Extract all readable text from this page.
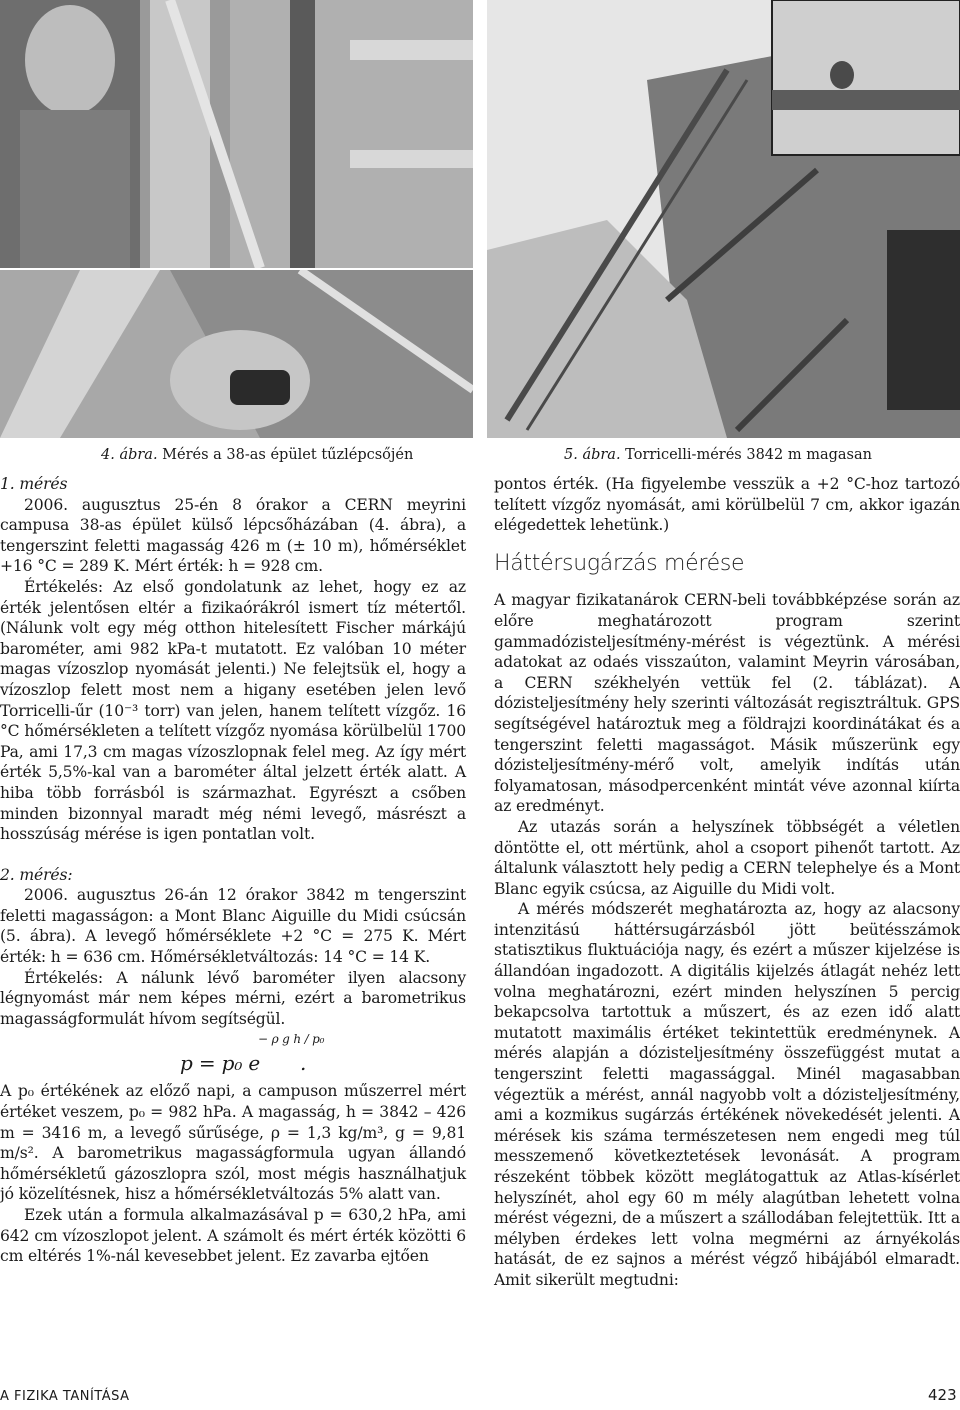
4. ábra. Mérés a 38-as épület tűzlépcsőjén	5. ábra. Torricelli-mérés 3842 m magasan

1. mérés

2006. augusztus 25-én 8 órakor a CERN meyrini campusa 38-as épület külső lépcsőházában (4. ábra), a tengerszint feletti magasság 426 m (± 10 m), hőmérséklet +16 °C = 289 K. Mért érték: h = 928 cm.

Értékelés: Az első gondolatunk az lehet, hogy ez az érték jelentősen eltér a fizikaórákról ismert tíz métertől. (Nálunk volt egy még otthon hitelesített Fischer márkájú barométer, ami 982 kPa-t mutatott. Ez valóban 10 méter magas vízoszlop nyomását jelenti.) Ne felejtsük el, hogy a vízoszlop felett most nem a higany esetében jelen levő Torricelli-űr (10⁻³ torr) van jelen, hanem telített vízgőz. 16 °C hőmérsékleten a telített vízgőz nyomása körülbelül 1700 Pa, ami 17,3 cm magas vízoszlopnak felel meg. Az így mért érték 5,5%-kal van a barométer által jelzett érték alatt. A hiba több forrásból is származhat. Egyrészt a csőben minden bizonnyal maradt még némi levegő, másrészt a hosszúság mérése is igen pontatlan volt.

2. mérés:

2006. augusztus 26-án 12 órakor 3842 m tengerszint feletti magasságon: a Mont Blanc Aiguille du Midi csúcsán (5. ábra). A levegő hőmérséklete +2 °C = 275 K. Mért érték: h = 636 cm. Hőmérsékletváltozás: 14 °C = 14 K.

Értékelés: A nálunk lévő barométer ilyen alacsony légnyomást már nem képes mérni, ezért a barometrikus magasságformulát hívom segítségül.

− ρ g h / p₀
p = p₀ e .

A p₀ értékének az előző napi, a campuson műszerrel mért értéket veszem, p₀ = 982 hPa. A magasság, h = 3842 – 426 m = 3416 m, a levegő sűrűsége, ρ = 1,3 kg/m³, g = 9,81 m/s². A barometrikus magasságformula ugyan állandó hőmérsékletű gázoszlopra szól, most mégis használhatjuk jó közelítésnek, hisz a hőmérsékletváltozás 5% alatt van.

Ezek után a formula alkalmazásával p = 630,2 hPa, ami 642 cm vízoszlopot jelent. A számolt és mért érték közötti 6 cm eltérés 1%-nál kevesebbet jelent. Ez zavarba ejtően

pontos érték. (Ha figyelembe vesszük a +2 °C-hoz tartozó telített vízgőz nyomását, ami körülbelül 7 cm, akkor igazán elégedettek lehetünk.)

Háttérsugárzás mérése

A magyar fizikatanárok CERN-beli továbbképzése során az előre meghatározott program szerint gammadózisteljesítmény-mérést is végeztünk. A mérési adatokat az odaés visszaúton, valamint Meyrin városában, a CERN székhelyén vettük fel (2. táblázat). A dózisteljesítmény hely szerinti változását regisztráltuk. GPS segítségével határoztuk meg a földrajzi koordinátákat és a tengerszint feletti magasságot. Másik műszerünk egy dózisteljesítmény-mérő volt, amelyik indítás után folyamatosan, másodpercenként mintát véve azonnal kiírta az eredményt.

Az utazás során a helyszínek többségét a véletlen döntötte el, ott mértünk, ahol a csoport pihenőt tartott. Az általunk választott hely pedig a CERN telephelye és a Mont Blanc egyik csúcsa, az Aiguille du Midi volt.

A mérés módszerét meghatározta az, hogy az alacsony intenzitású háttérsugárzásból jött beütésszámok statisztikus fluktuációja nagy, és ezért a műszer kijelzése is állandóan ingadozott. A digitális kijelzés átlagát nehéz lett volna meghatározni, ezért minden helyszínen 5 percig bekapcsolva tartottuk a műszert, és az ezen idő alatt mutatott maximális értéket tekintettük eredménynek. A mérés alapján a dózisteljesítmény összefüggést mutat a tengerszint feletti magassággal. Minél magasabban végeztük a mérést, annál nagyobb volt a dózisteljesítmény, ami a kozmikus sugárzás értékének növekedését jelenti. A mérések kis száma természetesen nem engedi meg túl messzemenő következtetések levonását. A program részeként többek között meglátogattuk az Atlas-kísérlet helyszínét, ahol egy 60 m mély alagútban lehetett volna mérést végezni, de a műszert a szállodában felejtettük. Itt a mélyben érdekes lett volna megmérni az árnyékolás hatását, de ez sajnos a mérést végző hibájából elmaradt. Amit sikerült megtudni:

A FIZIKA TANÍTÁSA	423
